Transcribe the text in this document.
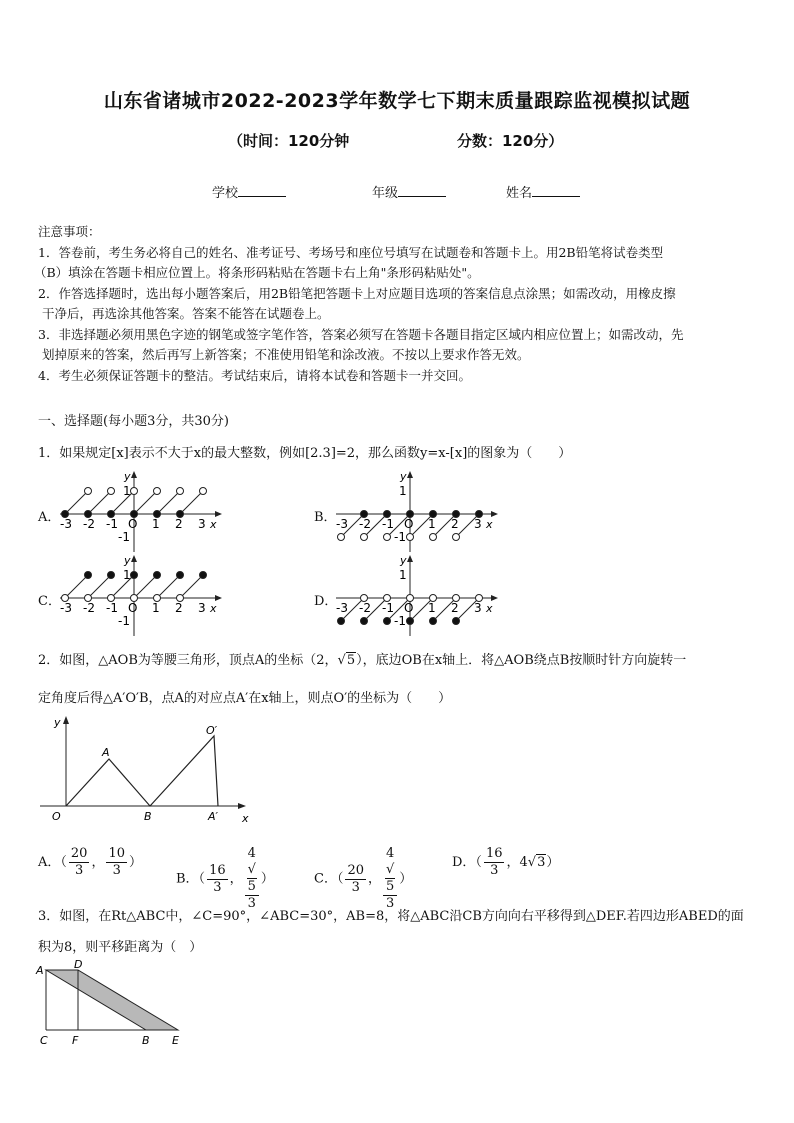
山东省诸城市2022-2023学年数学七下期末质量跟踪监视模拟试题
（时间：120分钟	分数：120分）
学校	年级	姓名

注意事项：

1．答卷前，考生务必将自己的姓名、准考证号、考场号和座位号填写在试题卷和答题卡上。用2B铅笔将试卷类型

（B）填涂在答题卡相应位置上。将条形码粘贴在答题卡右上角"条形码粘贴处"。

2．作答选择题时，选出每小题答案后，用2B铅笔把答题卡上对应题目选项的答案信息点涂黑；如需改动，用橡皮擦

干净后，再选涂其他答案。答案不能答在试题卷上。

3．非选择题必须用黑色字迹的钢笔或签字笔作答，答案必须写在答题卡各题目指定区域内相应位置上；如需改动，先

划掉原来的答案，然后再写上新答案；不准使用铅笔和涂改液。不按以上要求作答无效。

4．考生必须保证答题卡的整洁。考试结束后，请将本试卷和答题卡一并交回。

一、选择题(每小题3分，共30分)
1．如果规定[x]表示不大于x的最大整数，例如[2.3]=2，那么函数y=x-[x]的图象为（　　）
A．	B．
C．	D．
-3 -2 -1 O 1 2 3
1
-1
y
x	-3 -2 -1 O 1 2 3
1
-1
y
x
-3 -2 -1 O 1 2 3
1
-1
y
x	-3 -2 -1 O 1 2 3
1
-1
y
x
2．如图，△AOB为等腰三角形，顶点A的坐标（2，√5），底边OB在x轴上．将△AOB绕点B按顺时针方向旋转一
定角度后得△A′O′B，点A的对应点A′在x轴上，则点O′的坐标为（　　）
y
x
O
A
B	A′
O′
A．（ $\frac{20}{3}$ ， $\frac{10}{3}$ ）
B．（ $\frac{16}{3}$ ， 4
√
5
3 ）	C．（ $\frac{20}{3}$ ， 4
√
5
3 ）
D．（ $\frac{16}{3}$ ，4√3）
3．如图，在Rt△ABC中，∠C=90°，∠ABC=30°，AB=8，将△ABC沿CB方向向右平移得到△DEF.若四边形ABED的面
积为8，则平移距离为（　）
A	D
C F	B E
